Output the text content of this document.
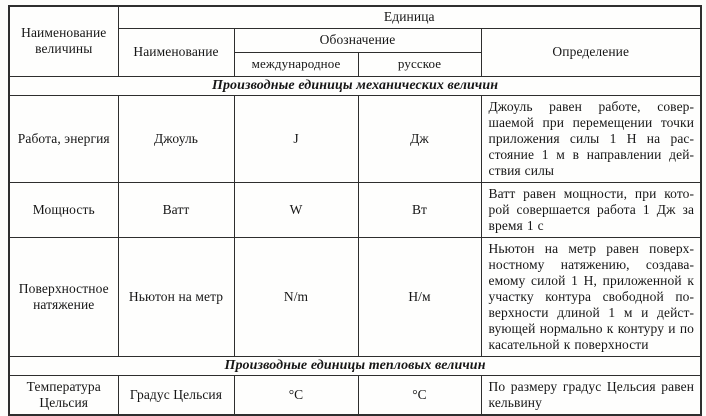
Наименование величины	Единица			
	Наименование	Обозначение		Определение
		международное	русское	
Производные единицы механических величин				
Работа, энергия	Джоуль	J	Дж	Джоуль равен работе, совершаемой при перемещении точки приложения силы 1 Н на расстояние 1 м в направлении действия силы
Мощность	Ватт	W	Вт	Ватт равен мощности, при которой совершается работа 1 Дж за время 1 с
Поверхностное натяжение	Ньютон на метр	N/m	Н/м	Ньютон на метр равен поверхностному натяжению, создаваемому силой 1 Н, приложенной к участку контура свободной поверхности длиной 1 м и действующей нормально к контуру и по касательной к поверхности
Производные единицы тепловых величин				
Температура Цельсия	Градус Цельсия	°C	°С	По размеру градус Цельсия равен кельвину
